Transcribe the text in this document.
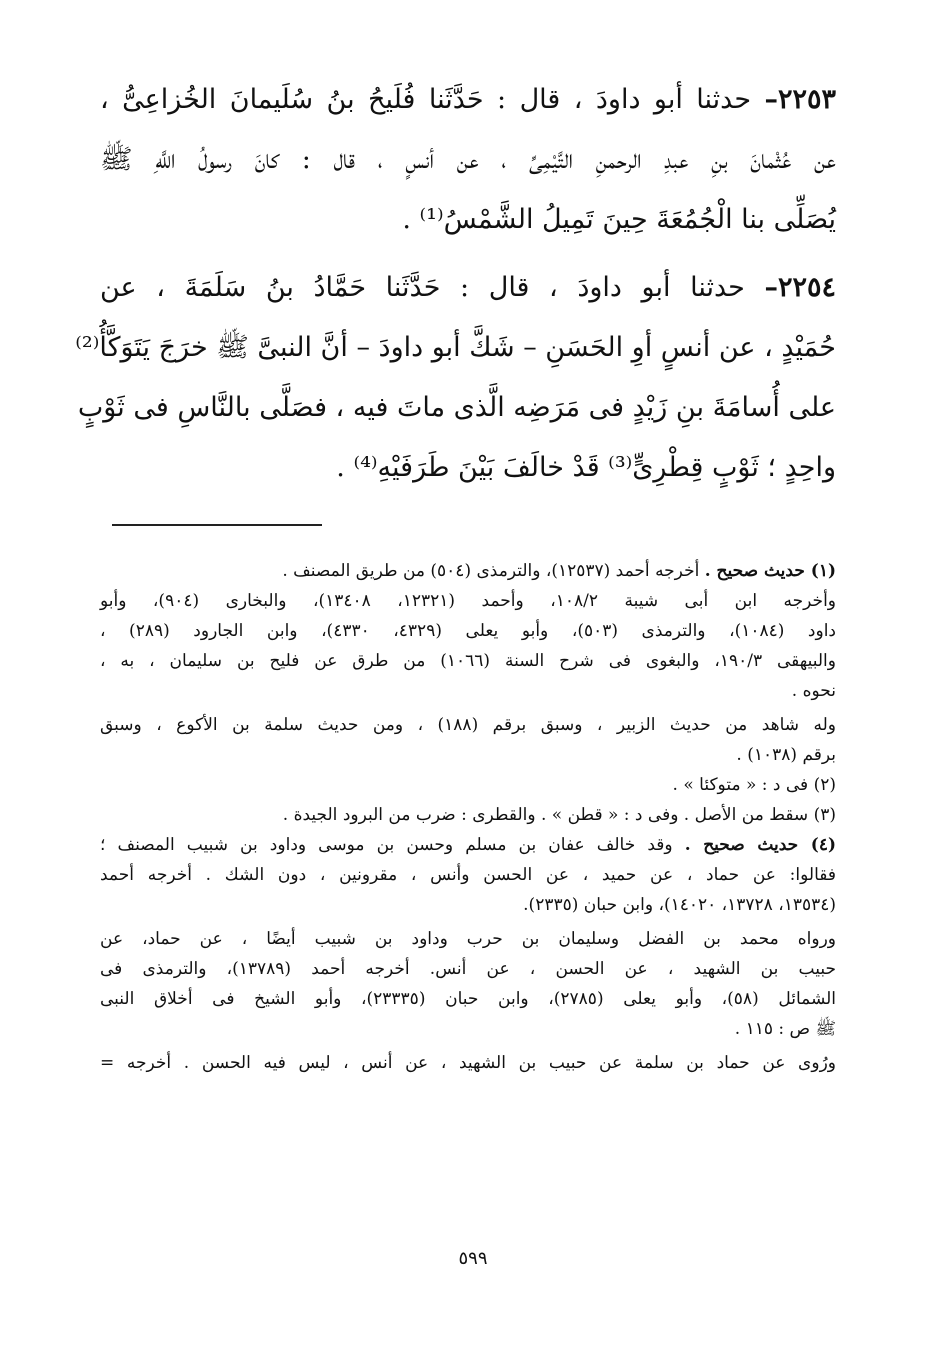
٢٢٥٣– حدثنا أبو داودَ ، قال : حَدَّثَنا فُلَيحُ بنُ سُلَيمانَ الخُزاعِىُّ ،
عن عُثْمانَ بنِ عبدِ الرحمنِ التَّيْمِىِّ ، عن أنسٍ ، قال : كانَ رسولُ اللَّهِ ﷺ
يُصَلِّى بنا الْجُمُعَةَ حِينَ تَمِيلُ الشَّمْسُ⁽¹⁾ .
٢٢٥٤– حدثنا أبو داودَ ، قال : حَدَّثَنا حَمَّادُ بنُ سَلَمَةَ ، عن
حُمَيْدٍ ، عن أنسٍ أوِ الحَسَنِ – شَكَّ أبو داودَ – أنَّ النبىَّ ﷺ خرَجَ يَتَوَكَّأُ⁽²⁾
على أُسامَةَ بنِ زَيْدٍ فى مَرَضِه الَّذى ماتَ فيه ، فصَلَّى بالنَّاسِ فى ثَوْبٍ
واحِدٍ ؛ ثَوْبٍ قِطْرِىٍّ⁽³⁾ قَدْ خالَفَ بَيْنَ طَرَفَيْهِ⁽⁴⁾ .
(١) حديث صحيح . أخرجه أحمد (١٢٥٣٧)، والترمذى (٥٠٤) من طريق المصنف .
وأخرجه ابن أبى شيبة ١٠٨/٢، وأحمد (١٢٣٢١، ١٣٤٠٨)، والبخارى (٩٠٤)، وأبو
داود (١٠٨٤)، والترمذى (٥٠٣)، وأبو يعلى (٤٣٢٩، ٤٣٣٠)، وابن الجارود (٢٨٩) ،
والبيهقى ١٩٠/٣، والبغوى فى شرح السنة (١٠٦٦) من طرق عن فليح بن سليمان ، به ،
نحوه .
وله شاهد من حديث الزبير ، وسبق برقم (١٨٨) ، ومن حديث سلمة بن الأكوع ، وسبق
برقم (١٠٣٨) .
(٢) فى د : « متوكئا » .
(٣) سقط من الأصل . وفى د : « قطن » . والقطرى : ضرب من البرود الجيدة .
(٤) حديث صحيح . وقد خالف عفان بن مسلم وحسن بن موسى وداود بن شبيب المصنف ؛
فقالوا: عن حماد ، عن حميد ، عن الحسن وأنس ، مقرونين ، دون الشك . أخرجه أحمد
(١٣٥٣٤، ١٣٧٢٨، ١٤٠٢٠)، وابن حبان (٢٣٣٥).
ورواه محمد بن الفضل وسليمان بن حرب وداود بن شبيب أيضًا ، عن حماد، عن
حبيب بن الشهيد ، عن الحسن ، عن أنس. أخرجه أحمد (١٣٧٨٩)، والترمذى فى
الشمائل (٥٨)، وأبو يعلى (٢٧٨٥)، وابن حبان (٢٣٣٣٥)، وأبو الشيخ فى أخلاق النبى
ﷺ ص : ١١٥ .
ورُوى عن حماد بن سلمة عن حبيب بن الشهيد ، عن أنس ، ليس فيه الحسن . أخرجه =
٥٩٩
